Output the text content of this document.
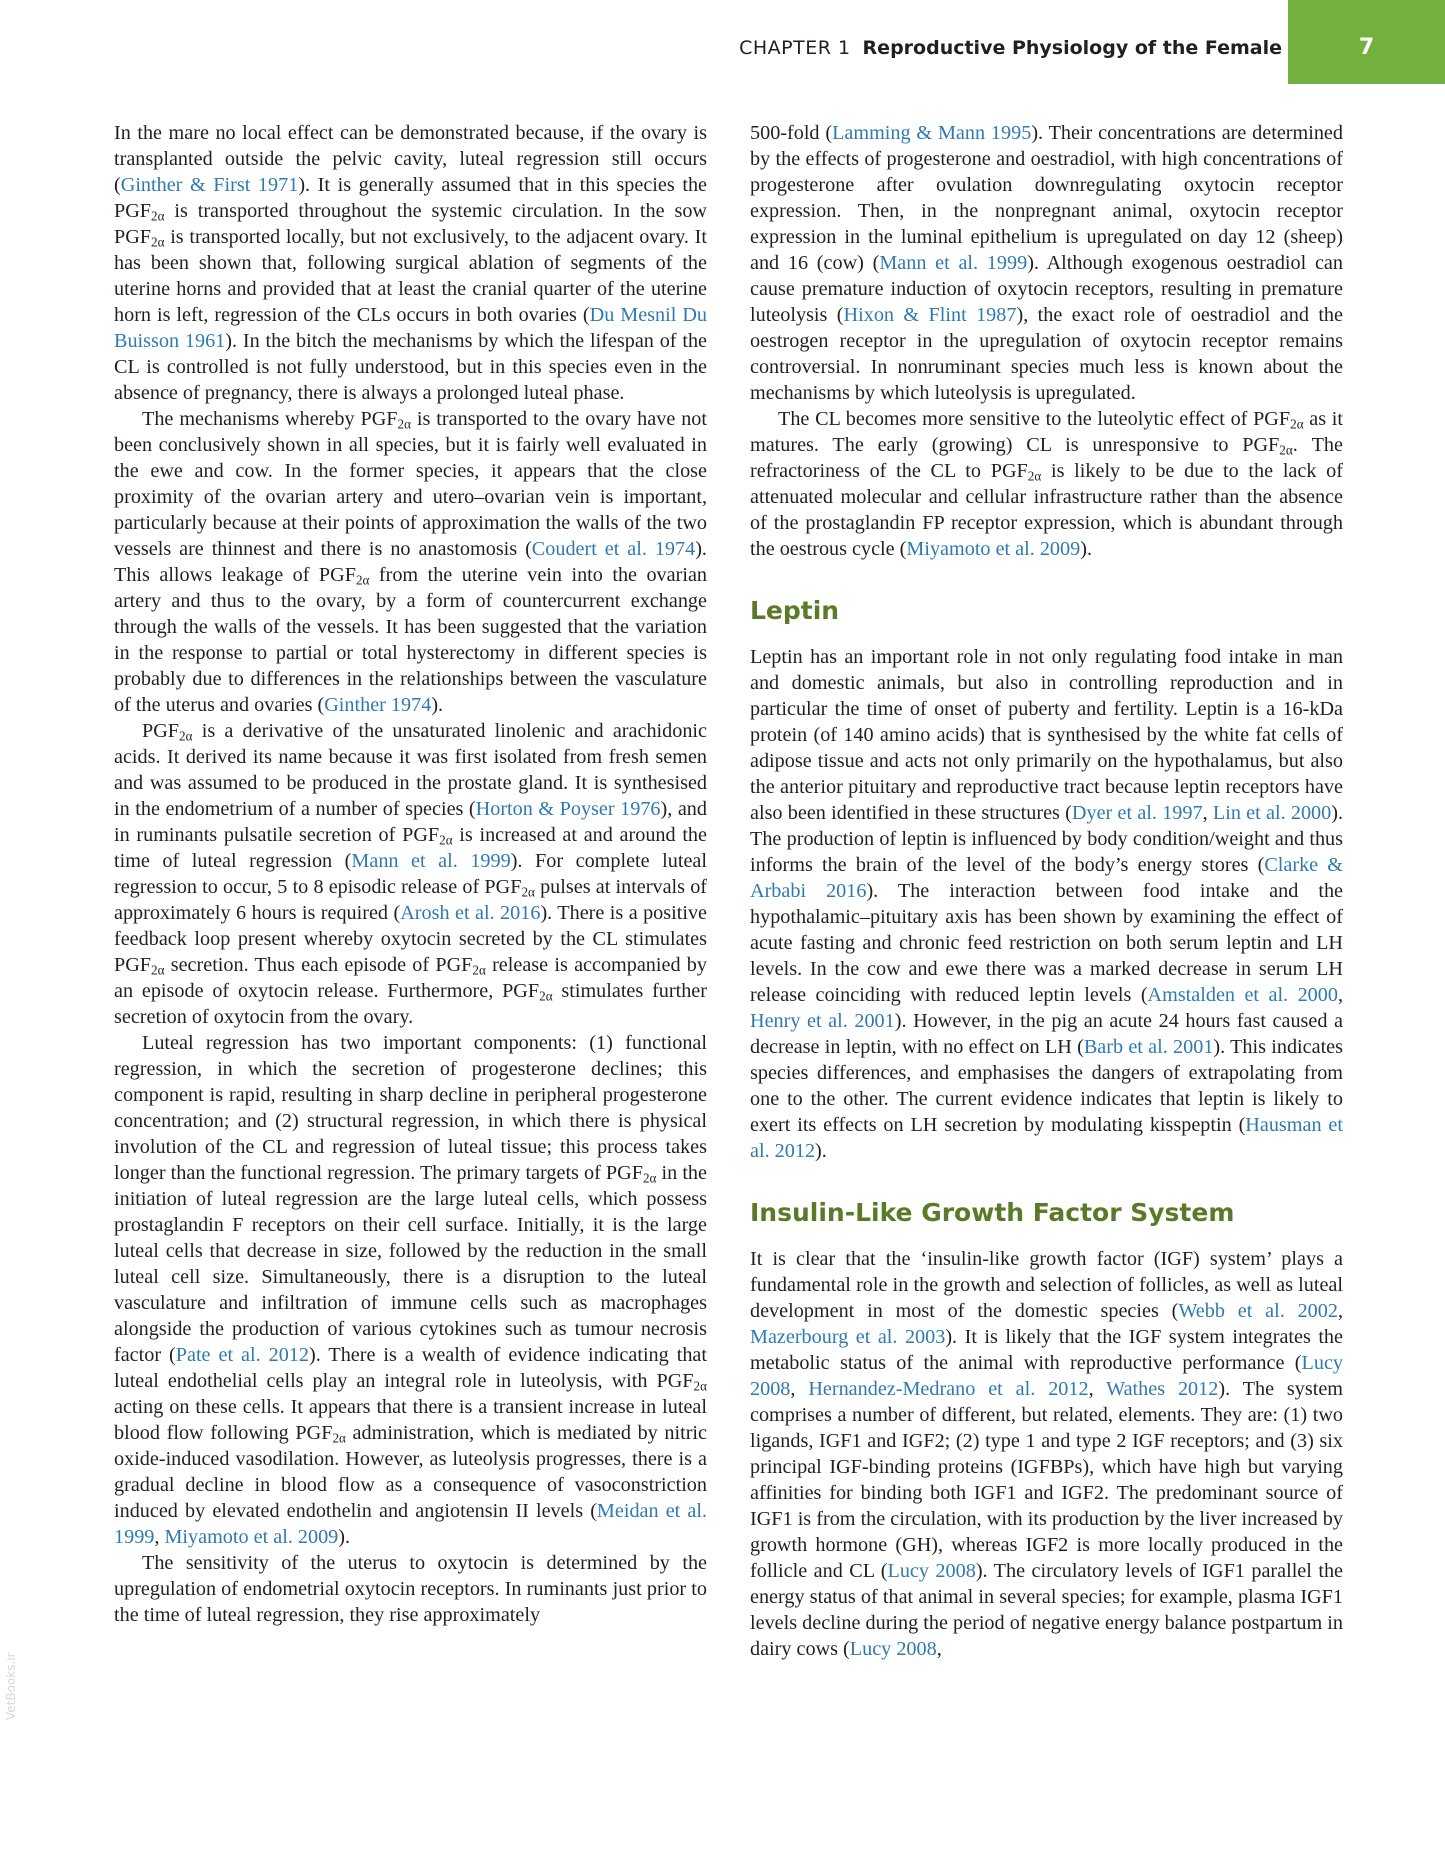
CHAPTER 1 Reproductive Physiology of the Female	7
VetBooks.ir

In the mare no local effect can be demonstrated because, if the ovary is transplanted outside the pelvic cavity, luteal regression still occurs (Ginther & First 1971). It is generally assumed that in this species the $PGF_{2\alpha}$ is transported throughout the systemic circulation. In the sow $PGF_{2\alpha}$ is transported locally, but not exclusively, to the adjacent ovary. It has been shown that, following surgical ablation of segments of the uterine horns and provided that at least the cranial quarter of the uterine horn is left, regression of the CLs occurs in both ovaries (Du Mesnil Du Buisson 1961). In the bitch the mechanisms by which the lifespan of the CL is controlled is not fully understood, but in this species even in the absence of pregnancy, there is always a prolonged luteal phase.

The mechanisms whereby $PGF_{2\alpha}$ is transported to the ovary have not been conclusively shown in all species, but it is fairly well evaluated in the ewe and cow. In the former species, it appears that the close proximity of the ovarian artery and utero–ovarian vein is important, particularly because at their points of approximation the walls of the two vessels are thinnest and there is no anastomosis (Coudert et al. 1974). This allows leakage of $PGF_{2\alpha}$ from the uterine vein into the ovarian artery and thus to the ovary, by a form of countercurrent exchange through the walls of the vessels. It has been suggested that the variation in the response to partial or total hysterectomy in different species is probably due to differences in the relationships between the vasculature of the uterus and ovaries (Ginther 1974).

$PGF_{2\alpha}$ is a derivative of the unsaturated linolenic and arachidonic acids. It derived its name because it was first isolated from fresh semen and was assumed to be produced in the prostate gland. It is synthesised in the endometrium of a number of species (Horton & Poyser 1976), and in ruminants pulsatile secretion of $PGF_{2\alpha}$ is increased at and around the time of luteal regression (Mann et al. 1999). For complete luteal regression to occur, 5 to 8 episodic release of $PGF_{2\alpha}$ pulses at intervals of approximately 6 hours is required (Arosh et al. 2016). There is a positive feedback loop present whereby oxytocin secreted by the CL stimulates $PGF_{2\alpha}$ secretion. Thus each episode of $PGF_{2\alpha}$ release is accompanied by an episode of oxytocin release. Furthermore, $PGF_{2\alpha}$ stimulates further secretion of oxytocin from the ovary.

Luteal regression has two important components: (1) functional regression, in which the secretion of progesterone declines; this component is rapid, resulting in sharp decline in peripheral progesterone concentration; and (2) structural regression, in which there is physical involution of the CL and regression of luteal tissue; this process takes longer than the functional regression. The primary targets of $PGF_{2\alpha}$ in the initiation of luteal regression are the large luteal cells, which possess prostaglandin F receptors on their cell surface. Initially, it is the large luteal cells that decrease in size, followed by the reduction in the small luteal cell size. Simultaneously, there is a disruption to the luteal vasculature and infiltration of immune cells such as macrophages alongside the production of various cytokines such as tumour necrosis factor (Pate et al. 2012). There is a wealth of evidence indicating that luteal endothelial cells play an integral role in luteolysis, with $PGF_{2\alpha}$ acting on these cells. It appears that there is a transient increase in luteal blood flow following $PGF_{2\alpha}$ administration, which is mediated by nitric oxide-induced vasodilation. However, as luteolysis progresses, there is a gradual decline in blood flow as a consequence of vasoconstriction induced by elevated endothelin and angiotensin II levels (Meidan et al. 1999, Miyamoto et al. 2009).

The sensitivity of the uterus to oxytocin is determined by the upregulation of endometrial oxytocin receptors. In ruminants just prior to the time of luteal regression, they rise approximately

500-fold (Lamming & Mann 1995). Their concentrations are determined by the effects of progesterone and oestradiol, with high concentrations of progesterone after ovulation downregulating oxytocin receptor expression. Then, in the nonpregnant animal, oxytocin receptor expression in the luminal epithelium is upregulated on day 12 (sheep) and 16 (cow) (Mann et al. 1999). Although exogenous oestradiol can cause premature induction of oxytocin receptors, resulting in premature luteolysis (Hixon & Flint 1987), the exact role of oestradiol and the oestrogen receptor in the upregulation of oxytocin receptor remains controversial. In nonruminant species much less is known about the mechanisms by which luteolysis is upregulated.

The CL becomes more sensitive to the luteolytic effect of $PGF_{2\alpha}$ as it matures. The early (growing) CL is unresponsive to $PGF_{2\alpha}$. The refractoriness of the CL to $PGF_{2\alpha}$ is likely to be due to the lack of attenuated molecular and cellular infrastructure rather than the absence of the prostaglandin FP receptor expression, which is abundant through the oestrous cycle (Miyamoto et al. 2009).

Leptin

Leptin has an important role in not only regulating food intake in man and domestic animals, but also in controlling reproduction and in particular the time of onset of puberty and fertility. Leptin is a 16-kDa protein (of 140 amino acids) that is synthesised by the white fat cells of adipose tissue and acts not only primarily on the hypothalamus, but also the anterior pituitary and reproductive tract because leptin receptors have also been identified in these structures (Dyer et al. 1997, Lin et al. 2000). The production of leptin is influenced by body condition/weight and thus informs the brain of the level of the body’s energy stores (Clarke & Arbabi 2016). The interaction between food intake and the hypothalamic–pituitary axis has been shown by examining the effect of acute fasting and chronic feed restriction on both serum leptin and LH levels. In the cow and ewe there was a marked decrease in serum LH release coinciding with reduced leptin levels (Amstalden et al. 2000, Henry et al. 2001). However, in the pig an acute 24 hours fast caused a decrease in leptin, with no effect on LH (Barb et al. 2001). This indicates species differences, and emphasises the dangers of extrapolating from one to the other. The current evidence indicates that leptin is likely to exert its effects on LH secretion by modulating kisspeptin (Hausman et al. 2012).

Insulin-Like Growth Factor System

It is clear that the ‘insulin-like growth factor (IGF) system’ plays a fundamental role in the growth and selection of follicles, as well as luteal development in most of the domestic species (Webb et al. 2002, Mazerbourg et al. 2003). It is likely that the IGF system integrates the metabolic status of the animal with reproductive performance (Lucy 2008, Hernandez-Medrano et al. 2012, Wathes 2012). The system comprises a number of different, but related, elements. They are: (1) two ligands, IGF1 and IGF2; (2) type 1 and type 2 IGF receptors; and (3) six principal IGF-binding proteins (IGFBPs), which have high but varying affinities for binding both IGF1 and IGF2. The predominant source of IGF1 is from the circulation, with its production by the liver increased by growth hormone (GH), whereas IGF2 is more locally produced in the follicle and CL (Lucy 2008). The circulatory levels of IGF1 parallel the energy status of that animal in several species; for example, plasma IGF1 levels decline during the period of negative energy balance postpartum in dairy cows (Lucy 2008,
